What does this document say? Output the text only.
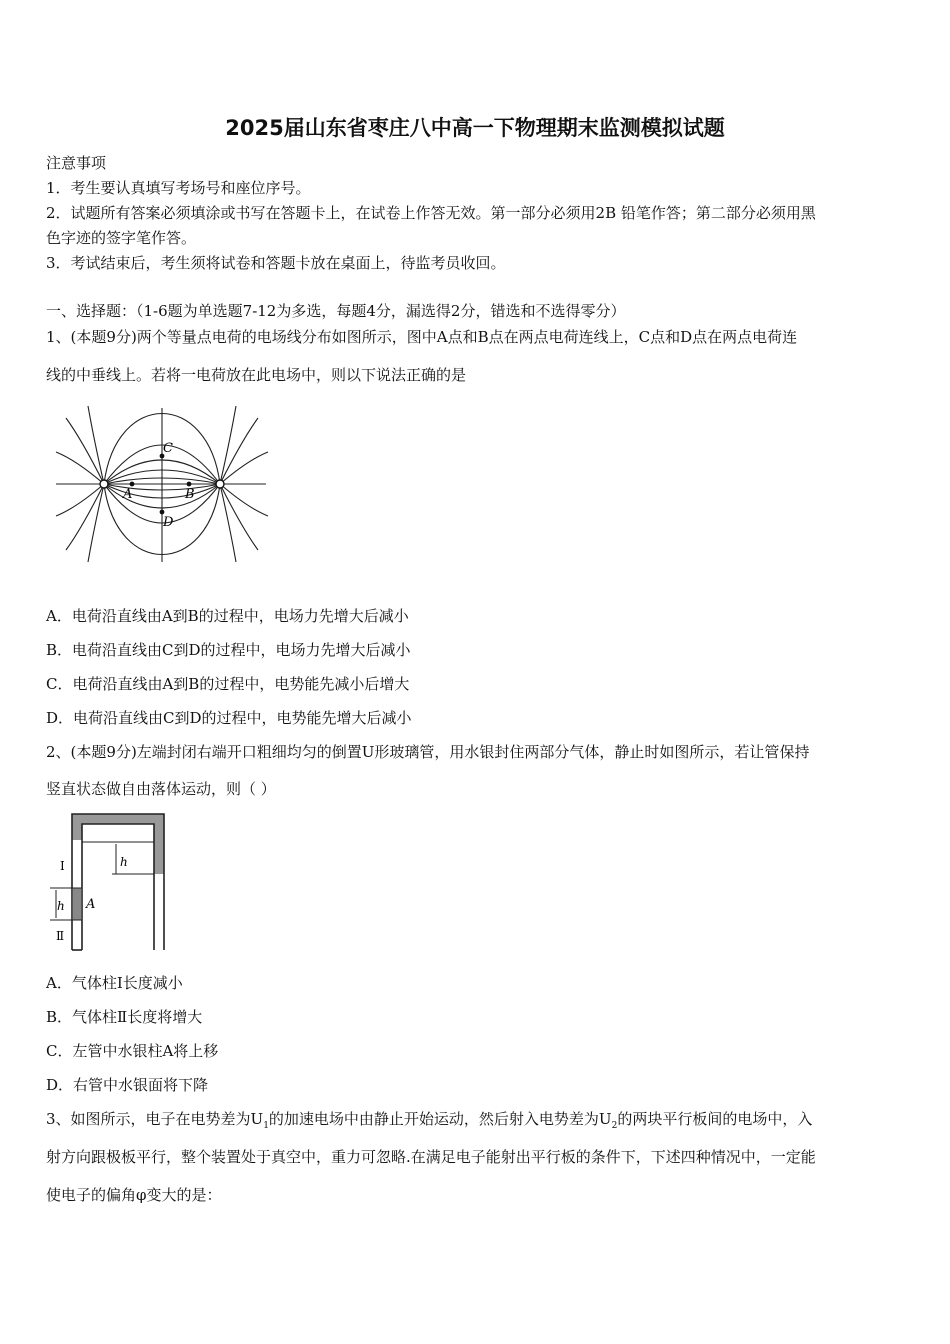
2025届山东省枣庄八中高一下物理期末监测模拟试题
注意事项
1．考生要认真填写考场号和座位序号。
2．试题所有答案必须填涂或书写在答题卡上，在试卷上作答无效。第一部分必须用2B 铅笔作答；第二部分必须用黑
色字迹的签字笔作答。
3．考试结束后，考生须将试卷和答题卡放在桌面上，待监考员收回。
一、选择题：（1-6题为单选题7-12为多选，每题4分，漏选得2分，错选和不选得零分）
1、(本题9分)两个等量点电荷的电场线分布如图所示，图中A点和B点在两点电荷连线上，C点和D点在两点电荷连
线的中垂线上。若将一电荷放在此电场中，则以下说法正确的是
C
A	B
D
A．电荷沿直线由A到B的过程中，电场力先增大后减小
B．电荷沿直线由C到D的过程中，电场力先增大后减小
C．电荷沿直线由A到B的过程中，电势能先减小后增大
D．电荷沿直线由C到D的过程中，电势能先增大后减小
2、(本题9分)左端封闭右端开口粗细均匀的倒置U形玻璃管，用水银封住两部分气体，静止时如图所示，若让管保持
竖直状态做自由落体运动，则（ ）
h
h
I
A
Ⅱ
A．气体柱Ⅰ长度减小
B．气体柱Ⅱ长度将增大
C．左管中水银柱A将上移
D．右管中水银面将下降
3、如图所示，电子在电势差为$U_1$的加速电场中由静止开始运动，然后射入电势差为$U_2$的两块平行板间的电场中，入
射方向跟极板平行，整个装置处于真空中，重力可忽略.在满足电子能射出平行板的条件下，下述四种情况中，一定能
使电子的偏角φ变大的是：
